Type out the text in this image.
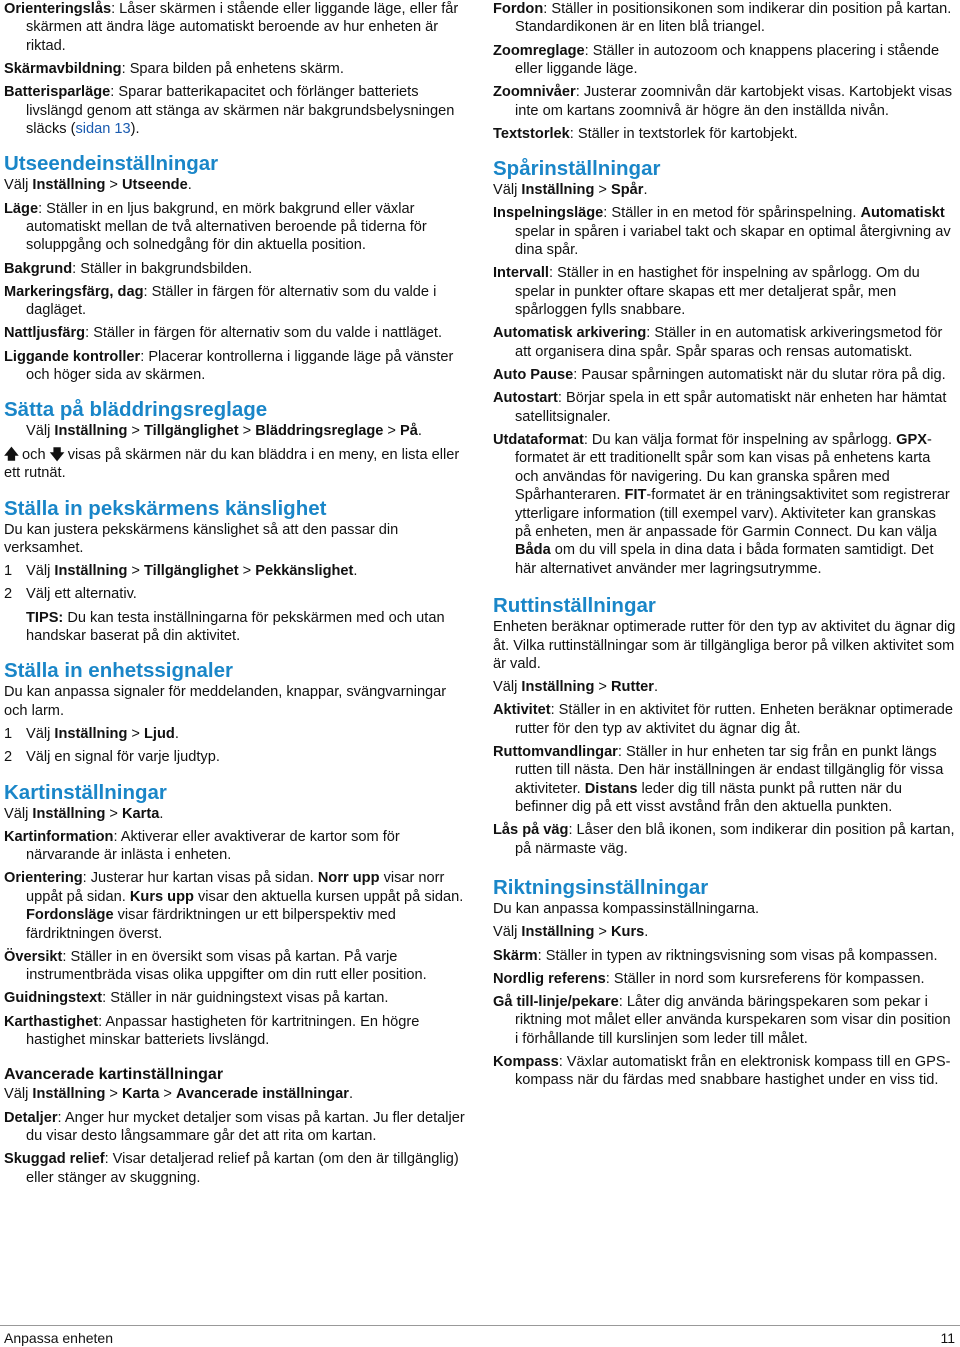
Orienteringslås: Låser skärmen i stående eller liggande läge, eller får skärmen att ändra läge automatiskt beroende av hur enheten är riktad.

Skärmavbildning: Spara bilden på enhetens skärm.

Batterisparläge: Sparar batterikapacitet och förlänger batteriets livslängd genom att stänga av skärmen när bakgrundsbelysningen släcks (sidan 13).

Utseendeinställningar

Välj Inställning > Utseende.

Läge: Ställer in en ljus bakgrund, en mörk bakgrund eller växlar automatiskt mellan de två alternativen beroende på tiderna för soluppgång och solnedgång för din aktuella position.

Bakgrund: Ställer in bakgrundsbilden.

Markeringsfärg, dag: Ställer in färgen för alternativ som du valde i dagläget.

Nattljusfärg: Ställer in färgen för alternativ som du valde i nattläget.

Liggande kontroller: Placerar kontrollerna i liggande läge på vänster och höger sida av skärmen.

Sätta på bläddringsreglage

Välj Inställning > Tillgänglighet > Bläddringsreglage > På.

🡅 och 🡇 visas på skärmen när du kan bläddra i en meny, en lista eller ett rutnät.

Ställa in pekskärmens känslighet

Du kan justera pekskärmens känslighet så att den passar din verksamhet.

1 Välj Inställning > Tillgänglighet > Pekkänslighet.

2 Välj ett alternativ.

TIPS: Du kan testa inställningarna för pekskärmen med och utan handskar baserat på din aktivitet.

Ställa in enhetssignaler

Du kan anpassa signaler för meddelanden, knappar, svängvarningar och larm.

1 Välj Inställning > Ljud.

2 Välj en signal för varje ljudtyp.

Kartinställningar

Välj Inställning > Karta.

Kartinformation: Aktiverar eller avaktiverar de kartor som för närvarande är inlästa i enheten.

Orientering: Justerar hur kartan visas på sidan. Norr upp visar norr uppåt på sidan. Kurs upp visar den aktuella kursen uppåt på sidan. Fordonsläge visar färdriktningen ur ett bilperspektiv med färdriktningen överst.

Översikt: Ställer in en översikt som visas på kartan. På varje instrumentbräda visas olika uppgifter om din rutt eller position.

Guidningstext: Ställer in när guidningstext visas på kartan.

Karthastighet: Anpassar hastigheten för kartritningen. En högre hastighet minskar batteriets livslängd.

Avancerade kartinställningar

Välj Inställning > Karta > Avancerade inställningar.

Detaljer: Anger hur mycket detaljer som visas på kartan. Ju fler detaljer du visar desto långsammare går det att rita om kartan.

Skuggad relief: Visar detaljerad relief på kartan (om den är tillgänglig) eller stänger av skuggning.

Fordon: Ställer in positionsikonen som indikerar din position på kartan. Standardikonen är en liten blå triangel.

Zoomreglage: Ställer in autozoom och knappens placering i stående eller liggande läge.

Zoomnivåer: Justerar zoomnivån där kartobjekt visas. Kartobjekt visas inte om kartans zoomnivå är högre än den inställda nivån.

Textstorlek: Ställer in textstorlek för kartobjekt.

Spårinställningar

Välj Inställning > Spår.

Inspelningsläge: Ställer in en metod för spårinspelning. Automatiskt spelar in spåren i variabel takt och skapar en optimal återgivning av dina spår.

Intervall: Ställer in en hastighet för inspelning av spårlogg. Om du spelar in punkter oftare skapas ett mer detaljerat spår, men spårloggen fylls snabbare.

Automatisk arkivering: Ställer in en automatisk arkiveringsmetod för att organisera dina spår. Spår sparas och rensas automatiskt.

Auto Pause: Pausar spårningen automatiskt när du slutar röra på dig.

Autostart: Börjar spela in ett spår automatiskt när enheten har hämtat satellitsignaler.

Utdataformat: Du kan välja format för inspelning av spårlogg. GPX-formatet är ett traditionellt spår som kan visas på enhetens karta och användas för navigering. Du kan granska spåren med Spårhanteraren. FIT-formatet är en träningsaktivitet som registrerar ytterligare information (till exempel varv). Aktiviteter kan granskas på enheten, men är anpassade för Garmin Connect. Du kan välja Båda om du vill spela in dina data i båda formaten samtidigt. Det här alternativet använder mer lagringsutrymme.

Ruttinställningar

Enheten beräknar optimerade rutter för den typ av aktivitet du ägnar dig åt. Vilka ruttinställningar som är tillgängliga beror på vilken aktivitet som är vald.

Välj Inställning > Rutter.

Aktivitet: Ställer in en aktivitet för rutten. Enheten beräknar optimerade rutter för den typ av aktivitet du ägnar dig åt.

Ruttomvandlingar: Ställer in hur enheten tar sig från en punkt längs rutten till nästa. Den här inställningen är endast tillgänglig för vissa aktiviteter. Distans leder dig till nästa punkt på rutten när du befinner dig på ett visst avstånd från den aktuella punkten.

Lås på väg: Låser den blå ikonen, som indikerar din position på kartan, på närmaste väg.

Riktningsinställningar

Du kan anpassa kompassinställningarna.

Välj Inställning > Kurs.

Skärm: Ställer in typen av riktningsvisning som visas på kompassen.

Nordlig referens: Ställer in nord som kursreferens för kompassen.

Gå till-linje/pekare: Låter dig använda bäringspekaren som pekar i riktning mot målet eller använda kurspekaren som visar din position i förhållande till kurslinjen som leder till målet.

Kompass: Växlar automatiskt från en elektronisk kompass till en GPS-kompass när du färdas med snabbare hastighet under en viss tid.

Anpassa enheten	11
